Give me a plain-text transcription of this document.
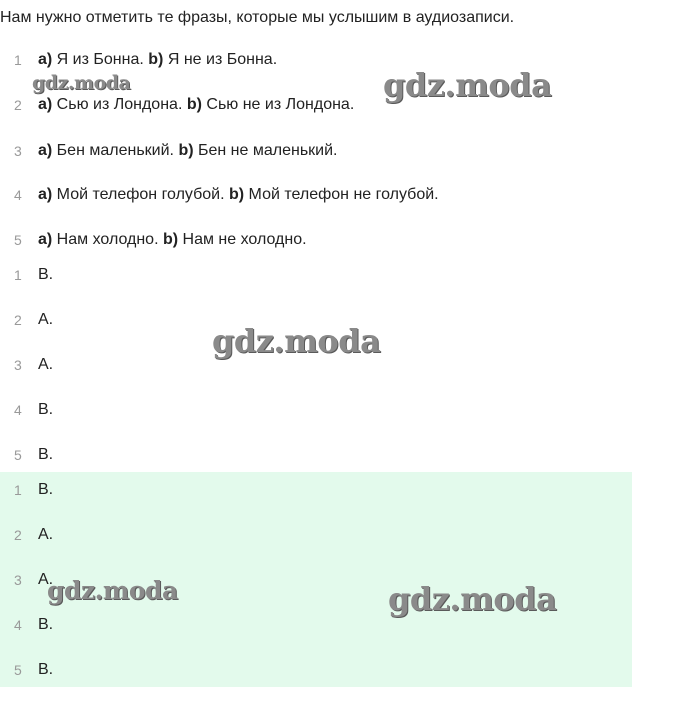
Нам нужно отметить те фразы, которые мы услышим в аудиозаписи.

1 a) Я из Бонна. b) Я не из Бонна.
2 a) Сью из Лондона. b) Сью не из Лондона.
3 a) Бен маленький. b) Бен не маленький.
4 a) Мой телефон голубой. b) Мой телефон не голубой.
5 a) Нам холодно. b) Нам не холодно.
1 B.
2 A.
3 A.
4 B.
5 B.
1 B.
2 A.
3 A.
4 B.
5 B.
gdz.moda	gdz.moda
gdz.moda
gdz.moda	gdz.moda
